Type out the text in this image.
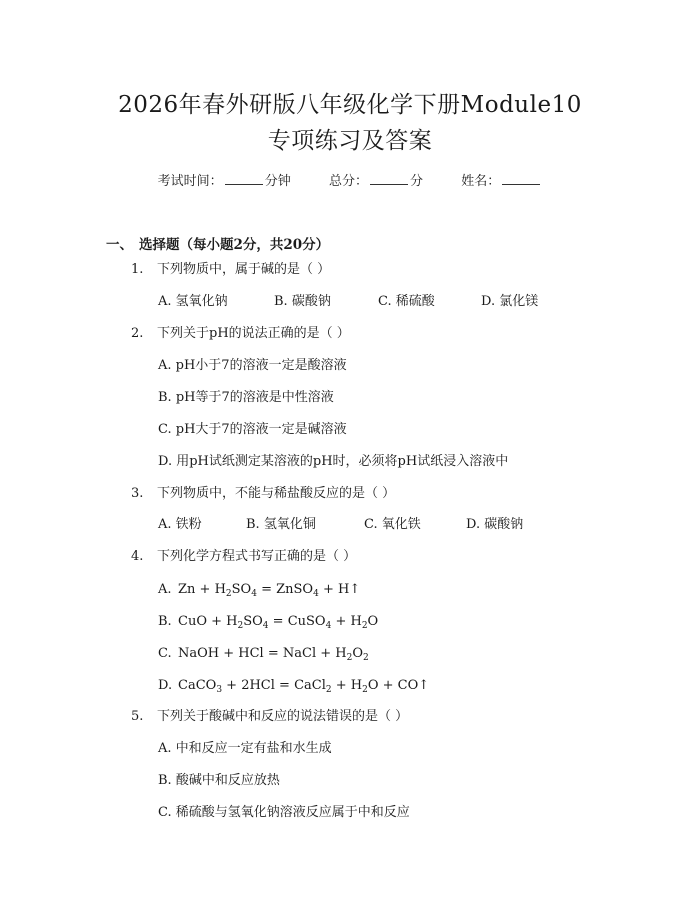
2026年春外研版八年级化学下册Module10
专项练习及答案
考试时间：	分钟	总分：	分	姓名：
一、 选择题（每小题2分，共20分）
1. 下列物质中，属于碱的是（ ）
A. 氢氧化钠	B. 碳酸钠	C. 稀硫酸	D. 氯化镁
2. 下列关于pH的说法正确的是（ ）
A. pH小于7的溶液一定是酸溶液
B. pH等于7的溶液是中性溶液
C. pH大于7的溶液一定是碱溶液
D. 用pH试纸测定某溶液的pH时，必须将pH试纸浸入溶液中
3. 下列物质中，不能与稀盐酸反应的是（ ）
A. 铁粉	B. 氢氧化铜	C. 氧化铁	D. 碳酸钠
4. 下列化学方程式书写正确的是（ ）
A. $Zn + H_2SO_4$ = ZnSO$_4$ + H↑
B. CuO + $H_2SO_4$ = CuSO$_4$ + $H_2O$
C. NaOH + HCl = NaCl + $H_2O_2$
D. CaCO$_3$ + 2HCl = CaCl$_2$ + $H_2O$ + CO↑
5. 下列关于酸碱中和反应的说法错误的是（ ）
A. 中和反应一定有盐和水生成
B. 酸碱中和反应放热
C. 稀硫酸与氢氧化钠溶液反应属于中和反应
